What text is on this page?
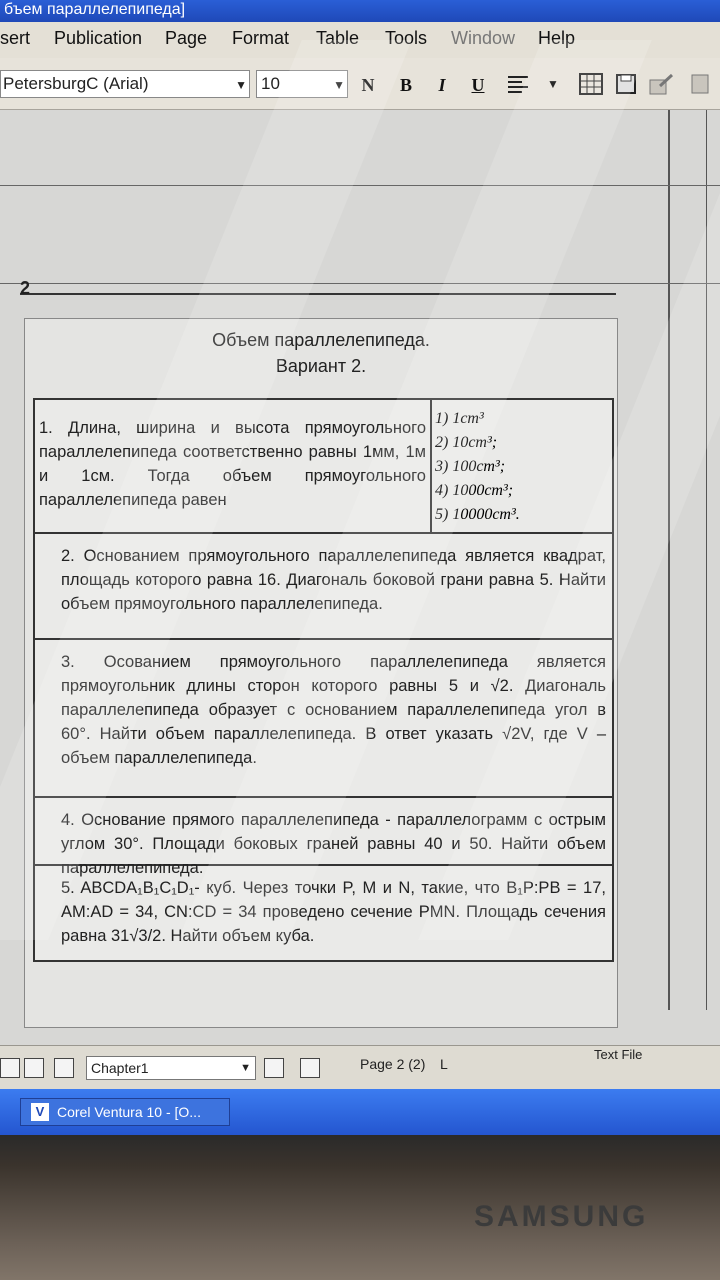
бъем параллелепипеда]
sert Publication Page Format Table Tools Window Help
PetersburgC (Arial)	▼ 10	▼ N	B	I	U	▼
2
Объем параллелепипеда.
Вариант 2.
1. Длина, ширина и высота прямоугольного параллелепипеда соответственно равны 1мм, 1м и 1см. Тогда объем прямоугольного параллелепипеда равен
1) 1cm³
2) 10cm³;
3) 100cm³;
4) 1000cm³;
5) 10000cm³.
2. Основанием прямоугольного параллелепипеда является квадрат, площадь которого равна 16. Диагональ боковой грани равна 5. Найти объем прямоугольного параллелепипеда.
3. Осованием прямоугольного параллелепипеда является прямоугольник длины сторон которого равны 5 и √2. Диагональ параллелепипеда образует с основанием параллелепипеда угол в 60°. Найти объем параллелепипеда. В ответ указать √2V, где V – объем параллелепипеда.
4. Основание прямого параллелепипеда - параллелограмм с острым углом 30°. Площади боковых граней равны 40 и 50. Найти объем параллелепипеда.
5. ABCDA₁B₁C₁D₁- куб. Через точки P, M и N, такие, что B₁P:PB = 17, AM:AD = 34, CN:CD = 34 проведено сечение PMN. Площадь сечения равна 31√3/2. Найти объем куба.
Chapter1	▼	Page 2 (2) L
Text File
V Corel Ventura 10 - [O...
SAMSUNG
